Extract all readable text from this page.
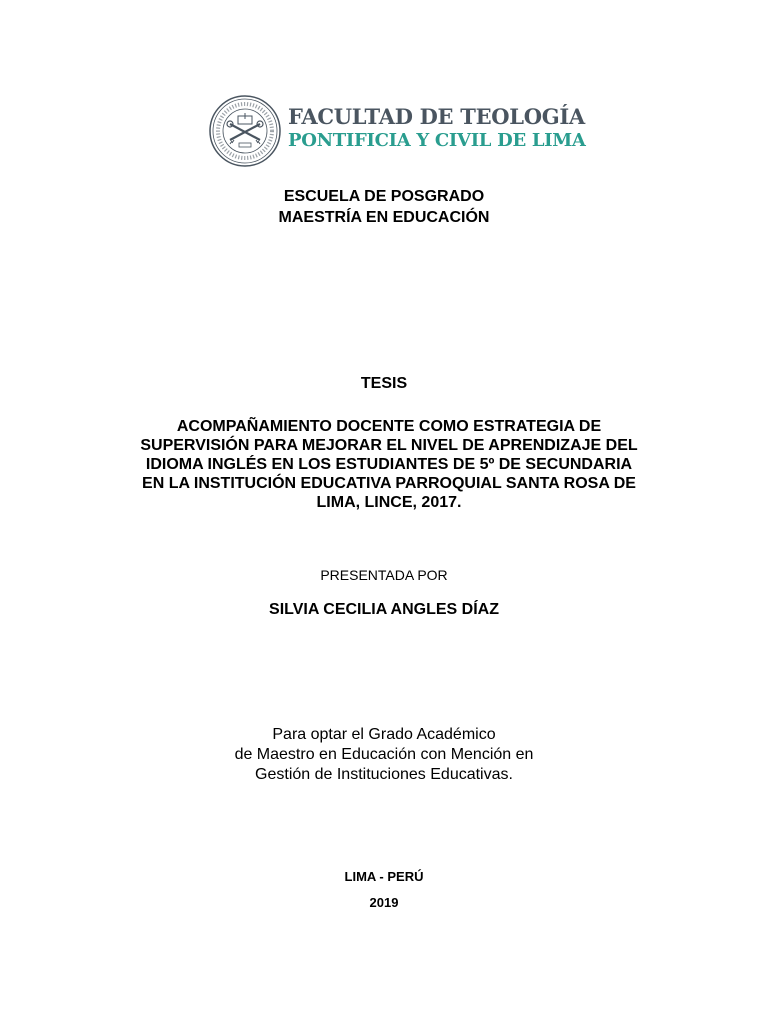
FACULTAD DE TEOLOGÍA
PONTIFICIA Y CIVIL DE LIMA
ESCUELA DE POSGRADO
MAESTRÍA EN EDUCACIÓN
TESIS
ACOMPAÑAMIENTO DOCENTE COMO ESTRATEGIA DE
SUPERVISIÓN PARA MEJORAR EL NIVEL DE APRENDIZAJE DEL
IDIOMA INGLÉS EN LOS ESTUDIANTES DE 5º DE SECUNDARIA
EN LA INSTITUCIÓN EDUCATIVA PARROQUIAL SANTA ROSA DE
LIMA, LINCE, 2017.
PRESENTADA POR
SILVIA CECILIA ANGLES DÍAZ
Para optar el Grado Académico
de Maestro en Educación con Mención en
Gestión de Instituciones Educativas.
LIMA - PERÚ
2019
